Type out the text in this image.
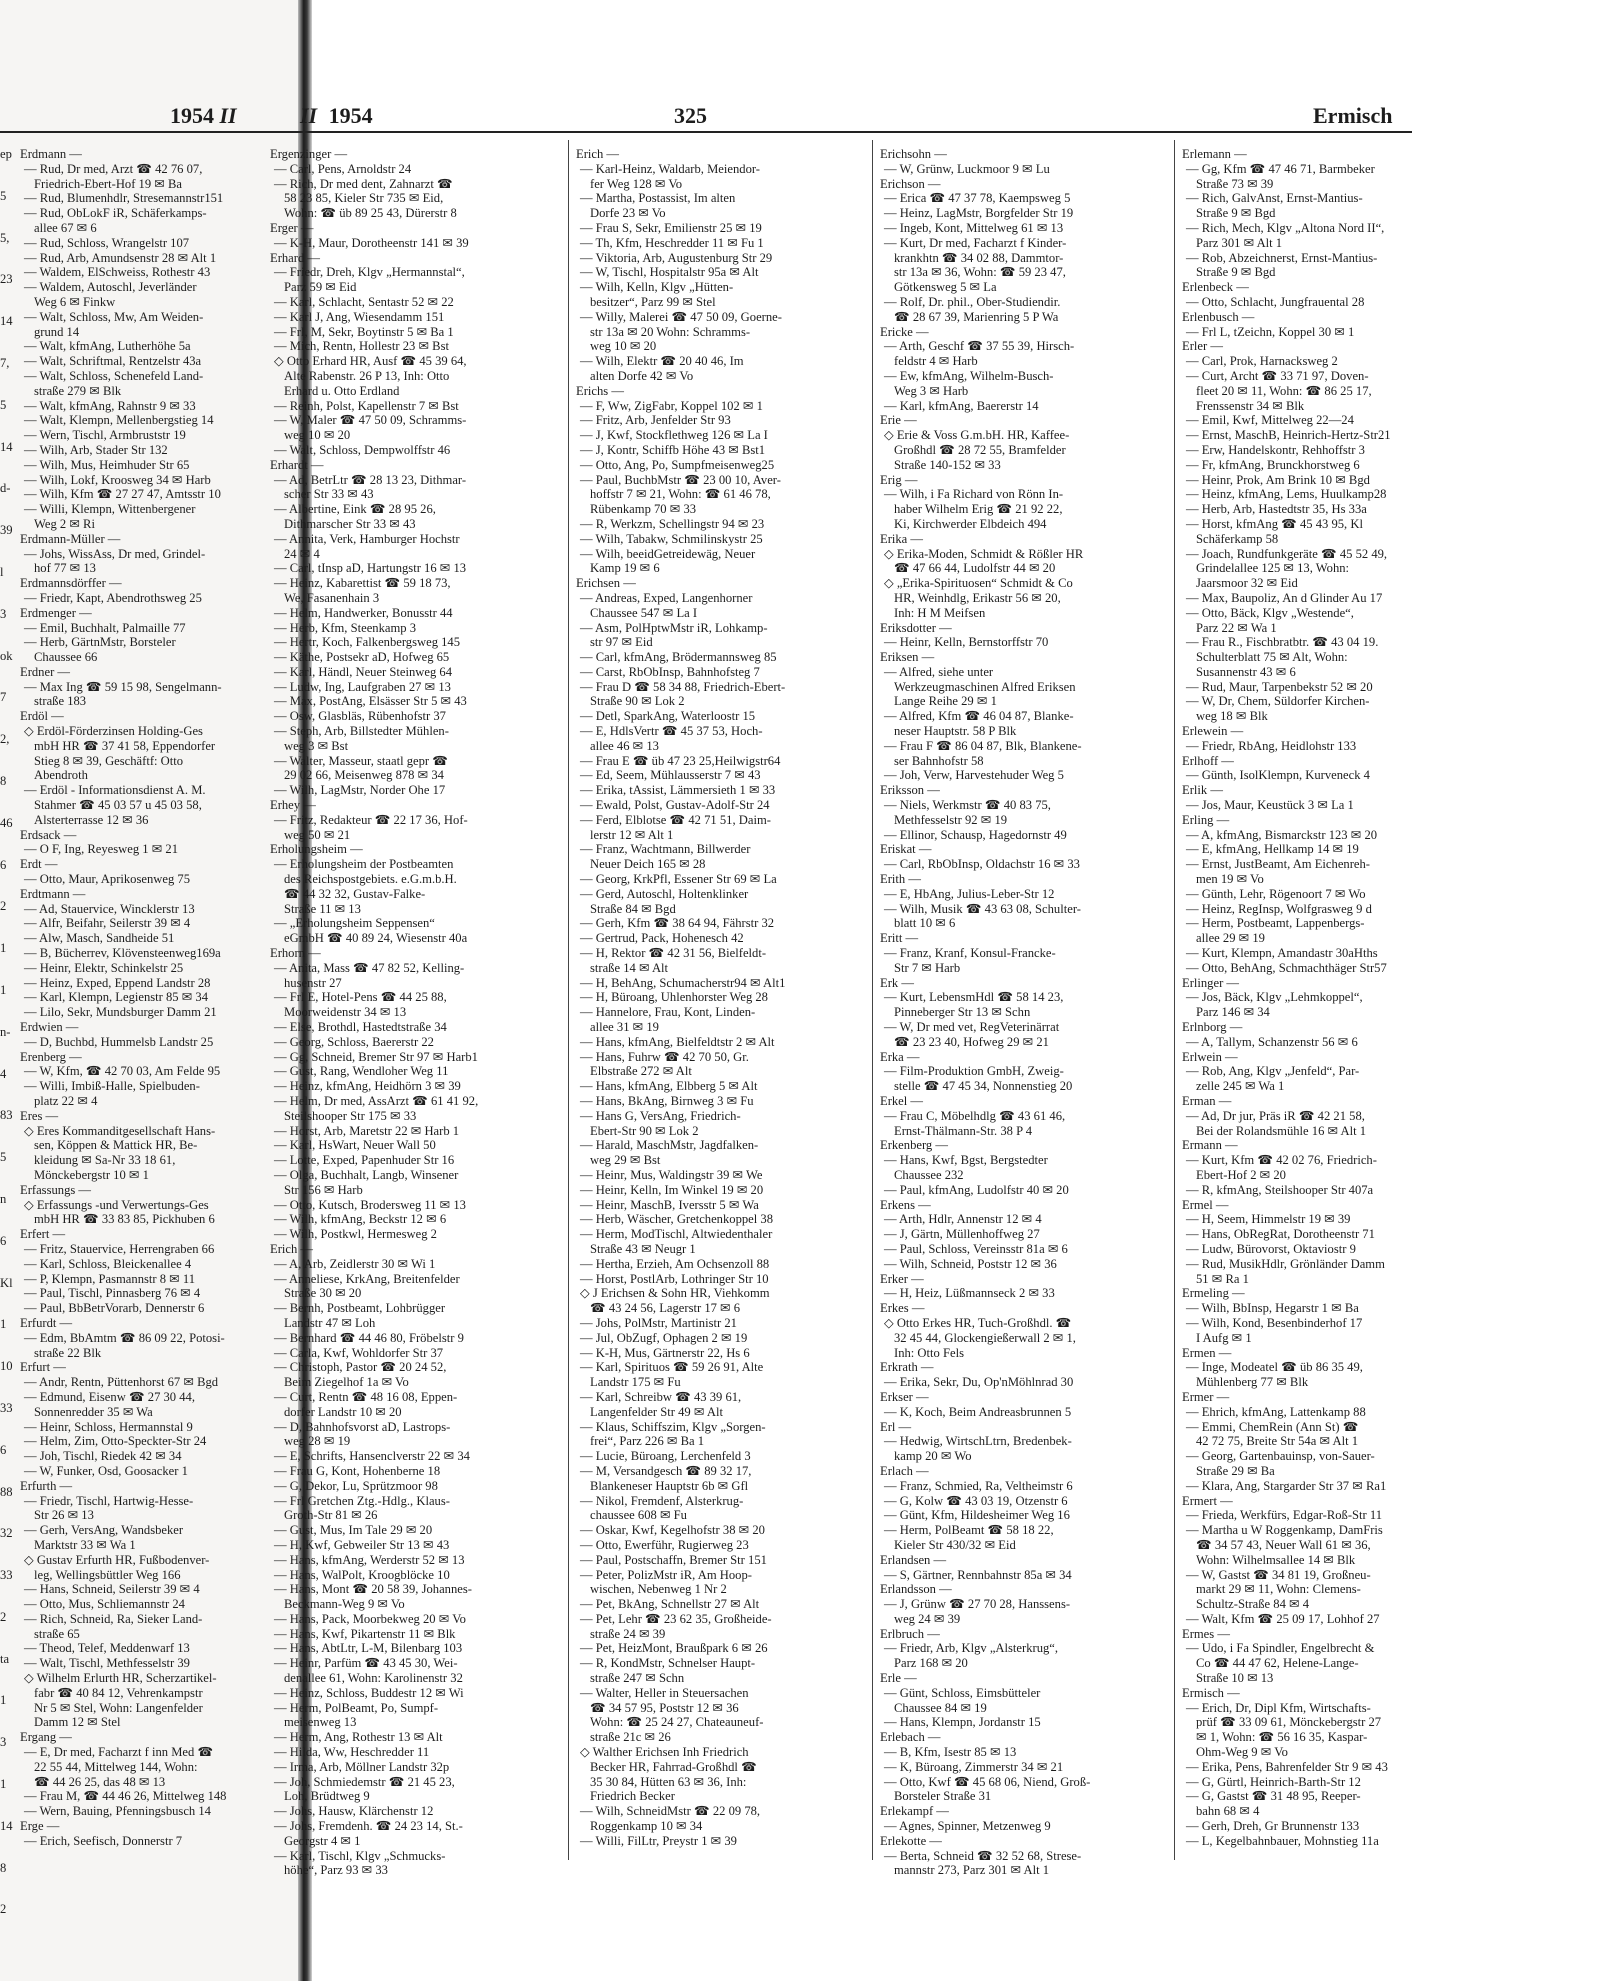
1954 II
ep
5
5,
23
14
7,
5
14
d-
39
l
3
ok
7
2,
8
46
6
2
1
1
n-
4
83
5
n
6
Kl
1
10
33
6
88
32
33
2
ta
1
3
1
14
8
2
Erdmann —
— Rud, Dr med, Arzt ☎ 42 76 07,
Friedrich-Ebert-Hof 19 ✉ Ba
— Rud, Blumenhdlr, Stresemannstr151
— Rud, ObLokF iR, Schäferkamps-
allee 67 ✉ 6
— Rud, Schloss, Wrangelstr 107
— Rud, Arb, Amundsenstr 28 ✉ Alt 1
— Waldem, ElSchweiss, Rothestr 43
— Waldem, Autoschl, Jeverländer
Weg 6 ✉ Finkw
— Walt, Schloss, Mw, Am Weiden-
grund 14
— Walt, kfmAng, Lutherhöhe 5a
— Walt, Schriftmal, Rentzelstr 43a
— Walt, Schloss, Schenefeld Land-
straße 279 ✉ Blk
— Walt, kfmAng, Rahnstr 9 ✉ 33
— Walt, Klempn, Mellenbergstieg 14
— Wern, Tischl, Armbruststr 19
— Wilh, Arb, Stader Str 132
— Wilh, Mus, Heimhuder Str 65
— Wilh, Lokf, Kroosweg 34 ✉ Harb
— Wilh, Kfm ☎ 27 27 47, Amtsstr 10
— Willi, Klempn, Wittenbergener
Weg 2 ✉ Ri
Erdmann-Müller —
— Johs, WissAss, Dr med, Grindel-
hof 77 ✉ 13
Erdmannsdörffer —
— Friedr, Kapt, Abendrothsweg 25
Erdmenger —
— Emil, Buchhalt, Palmaille 77
— Herb, GärtnMstr, Borsteler
Chaussee 66
Erdner —
— Max Ing ☎ 59 15 98, Sengelmann-
straße 183
Erdöl —
◇ Erdöl-Förderzinsen Holding-Ges
mbH HR ☎ 37 41 58, Eppendorfer
Stieg 8 ✉ 39, Geschäftf: Otto
Abendroth
— Erdöl - Informationsdienst A. M.
Stahmer ☎ 45 03 57 u 45 03 58,
Alsterterrasse 12 ✉ 36
Erdsack —
— O F, Ing, Reyesweg 1 ✉ 21
Erdt —
— Otto, Maur, Aprikosenweg 75
Erdtmann —
— Ad, Stauervice, Wincklerstr 13
— Alfr, Beifahr, Seilerstr 39 ✉ 4
— Alw, Masch, Sandheide 51
— B, Bücherrev, Klövensteenweg169a
— Heinr, Elektr, Schinkelstr 25
— Heinz, Exped, Eppend Landstr 28
— Karl, Klempn, Legienstr 85 ✉ 34
— Lilo, Sekr, Mundsburger Damm 21
Erdwien —
— D, Buchbd, Hummelsb Landstr 25
Erenberg —
— W, Kfm, ☎ 42 70 03, Am Felde 95
— Willi, Imbiß-Halle, Spielbuden-
platz 22 ✉ 4
Eres —
◇ Eres Kommanditgesellschaft Hans-
sen, Köppen & Mattick HR, Be-
kleidung ✉ Sa-Nr 33 18 61,
Mönckebergstr 10 ✉ 1
Erfassungs —
◇ Erfassungs -und Verwertungs-Ges
mbH HR ☎ 33 83 85, Pickhuben 6
Erfert —
— Fritz, Stauervice, Herrengraben 66
— Karl, Schloss, Bleickenallee 4
— P, Klempn, Pasmannstr 8 ✉ 11
— Paul, Tischl, Pinnasberg 76 ✉ 4
— Paul, BbBetrVorarb, Dennerstr 6
Erfurdt —
— Edm, BbAmtm ☎ 86 09 22, Potosi-
straße 22 Blk
Erfurt —
— Andr, Rentn, Püttenhorst 67 ✉ Bgd
— Edmund, Eisenw ☎ 27 30 44,
Sonnenredder 35 ✉ Wa
— Heinr, Schloss, Hermannstal 9
— Helm, Zim, Otto-Speckter-Str 24
— Joh, Tischl, Riedek 42 ✉ 34
— W, Funker, Osd, Goosacker 1
Erfurth —
— Friedr, Tischl, Hartwig-Hesse-
Str 26 ✉ 13
— Gerh, VersAng, Wandsbeker
Marktstr 33 ✉ Wa 1
◇ Gustav Erfurth HR, Fußbodenver-
leg, Wellingsbüttler Weg 166
— Hans, Schneid, Seilerstr 39 ✉ 4
— Otto, Mus, Schliemannstr 24
— Rich, Schneid, Ra, Sieker Land-
straße 65
— Theod, Telef, Meddenwarf 13
— Walt, Tischl, Methfesselstr 39
◇ Wilhelm Erlurth HR, Scherzartikel-
fabr ☎ 40 84 12, Vehrenkampstr
Nr 5 ✉ Stel, Wohn: Langenfelder
Damm 12 ✉ Stel
Ergang —
— E, Dr med, Facharzt f inn Med ☎
22 55 44, Mittelweg 144, Wohn:
☎ 44 26 25, das 48 ✉ 13
— Frau M, ☎ 44 46 26, Mittelweg 148
— Wern, Bauing, Pfenningsbusch 14
Erge —
— Erich, Seefisch, Donnerstr 7
II 1954	325	Ermisch
Ergenzinger —
— Carl, Pens, Arnoldstr 24
— Rich, Dr med dent, Zahnarzt ☎
58 23 85, Kieler Str 735 ✉ Eid,
Wohn: ☎ üb 89 25 43, Dürerstr 8
Erger —
— K-H, Maur, Dorotheenstr 141 ✉ 39
Erhard —
— Friedr, Dreh, Klgv „Hermannstal“,
Parz 59 ✉ Eid
— Karl, Schlacht, Sentastr 52 ✉ 22
— Karl J, Ang, Wiesendamm 151
— Frl, M, Sekr, Boytinstr 5 ✉ Ba 1
— Mich, Rentn, Hollestr 23 ✉ Bst
◇ Otto Erhard HR, Ausf ☎ 45 39 64,
Alte Rabenstr. 26 P 13, Inh: Otto
Erhard u. Otto Erdland
— Reinh, Polst, Kapellenstr 7 ✉ Bst
— W, Maler ☎ 47 50 09, Schramms-
weg 10 ✉ 20
— Walt, Schloss, Dempwolffstr 46
Erhardt —
— Ad, BetrLtr ☎ 28 13 23, Dithmar-
scher Str 33 ✉ 43
— Albertine, Eink ☎ 28 95 26,
Dithmarscher Str 33 ✉ 43
— Annita, Verk, Hamburger Hochstr
24 ✉ 4
— Carl, tInsp aD, Hartungstr 16 ✉ 13
— Heinz, Kabarettist ☎ 59 18 73,
We, Fasanenhain 3
— Helm, Handwerker, Bonusstr 44
— Herb, Kfm, Steenkamp 3
— Hertr, Koch, Falkenbergsweg 145
— Käthe, Postsekr aD, Hofweg 65
— Karl, Händl, Neuer Steinweg 64
— Ludw, Ing, Laufgraben 27 ✉ 13
— Max, PostAng, Elsässer Str 5 ✉ 43
— Osw, Glasbläs, Rübenhofstr 37
— Steph, Arb, Billstedter Mühlen-
weg 3 ✉ Bst
— Walter, Masseur, staatl gepr ☎
29 02 66, Meisenweg 878 ✉ 34
— Wilh, LagMstr, Norder Ohe 17
Erhey —
— Fritz, Redakteur ☎ 22 17 36, Hof-
weg 50 ✉ 21
Erholungsheim —
— Erholungsheim der Postbeamten
des Reichspostgebiets. e.G.m.b.H.
☎ 44 32 32, Gustav-Falke-
Straße 11 ✉ 13
— „Erholungsheim Seppensen“
eGmbH ☎ 40 89 24, Wiesenstr 40a
Erhorn —
— Anita, Mass ☎ 47 82 52, Kelling-
husenstr 27
— Frl E, Hotel-Pens ☎ 44 25 88,
Moorweidenstr 34 ✉ 13
— Else, Brothdl, Hastedtstraße 34
— Georg, Schloss, Baererstr 22
— Gg, Schneid, Bremer Str 97 ✉ Harb1
— Gust, Rang, Wendloher Weg 11
— Heinz, kfmAng, Heidhörn 3 ✉ 39
— Helm, Dr med, AssArzt ☎ 61 41 92,
Steilshooper Str 175 ✉ 33
— Horst, Arb, Maretstr 22 ✉ Harb 1
— Karl, HsWart, Neuer Wall 50
— Lotte, Exped, Papenhuder Str 16
— Olga, Buchhalt, Langb, Winsener
Str 156 ✉ Harb
— Otto, Kutsch, Brodersweg 11 ✉ 13
— Wilh, kfmAng, Beckstr 12 ✉ 6
— Wilh, Postkwl, Hermesweg 2
Erich —
— A, Arb, Zeidlerstr 30 ✉ Wi 1
— Anneliese, KrkAng, Breitenfelder
Straße 30 ✉ 20
— Bernh, Postbeamt, Lohbrügger
Landstr 47 ✉ Loh
— Bernhard ☎ 44 46 80, Fröbelstr 9
— Carla, Kwf, Wohldorfer Str 37
— Christoph, Pastor ☎ 20 24 52,
Beim Ziegelhof 1a ✉ Vo
— Curt, Rentn ☎ 48 16 08, Eppen-
dorfer Landstr 10 ✉ 20
— D, Bahnhofsvorst aD, Lastrops-
weg 28 ✉ 19
— E, Schrifts, Hansenclverstr 22 ✉ 34
— Frau G, Kont, Hohenberne 18
— G, Dekor, Lu, Sprützmoor 98
— Frl Gretchen Ztg.-Hdlg., Klaus-
Groth-Str 81 ✉ 26
— Gust, Mus, Im Tale 29 ✉ 20
— H, Kwf, Gebweiler Str 13 ✉ 43
— Hans, kfmAng, Werderstr 52 ✉ 13
— Hans, WalPolt, Kroogblöcke 10
— Hans, Mont ☎ 20 58 39, Johannes-
Beckmann-Weg 9 ✉ Vo
— Hans, Pack, Moorbekweg 20 ✉ Vo
— Hans, Kwf, Pikartenstr 11 ✉ Blk
— Hans, AbtLtr, L-M, Bilenbarg 103
— Heinr, Parfüm ☎ 43 45 30, Wei-
denallee 61, Wohn: Karolinenstr 32
— Heinz, Schloss, Buddestr 12 ✉ Wi
— Herm, PolBeamt, Po, Sumpf-
meisenweg 13
— Herm, Ang, Rothestr 13 ✉ Alt
— Hilda, Ww, Heschredder 11
— Irma, Arb, Möllner Landstr 32p
— Joh, Schmiedemstr ☎ 21 45 23,
Loh, Brüdtweg 9
— Johs, Hausw, Klärchenstr 12
— Johs, Fremdenh. ☎ 24 23 14, St.-
Georgstr 4 ✉ 1
— Karl, Tischl, Klgv „Schmucks-
höhe“, Parz 93 ✉ 33
Erich —
— Karl-Heinz, Waldarb, Meiendor-
fer Weg 128 ✉ Vo
— Martha, Postassist, Im alten
Dorfe 23 ✉ Vo
— Frau S, Sekr, Emilienstr 25 ✉ 19
— Th, Kfm, Heschredder 11 ✉ Fu 1
— Viktoria, Arb, Augustenburg Str 29
— W, Tischl, Hospitalstr 95a ✉ Alt
— Wilh, Kelln, Klgv „Hütten-
besitzer“, Parz 99 ✉ Stel
— Willy, Malerei ☎ 47 50 09, Goerne-
str 13a ✉ 20 Wohn: Schramms-
weg 10 ✉ 20
— Wilh, Elektr ☎ 20 40 46, Im
alten Dorfe 42 ✉ Vo
Erichs —
— F, Ww, ZigFabr, Koppel 102 ✉ 1
— Fritz, Arb, Jenfelder Str 93
— J, Kwf, Stockflethweg 126 ✉ La I
— J, Kontr, Schiffb Höhe 43 ✉ Bst1
— Otto, Ang, Po, Sumpfmeisenweg25
— Paul, BuchbMstr ☎ 23 00 10, Aver-
hoffstr 7 ✉ 21, Wohn: ☎ 61 46 78,
Rübenkamp 70 ✉ 33
— R, Werkzm, Schellingstr 94 ✉ 23
— Wilh, Tabakw, Schmilinskystr 25
— Wilh, beeidGetreidewäg, Neuer
Kamp 19 ✉ 6
Erichsen —
— Andreas, Exped, Langenhorner
Chaussee 547 ✉ La I
— Asm, PolHptwMstr iR, Lohkamp-
str 97 ✉ Eid
— Carl, kfmAng, Brödermannsweg 85
— Carst, RbObInsp, Bahnhofsteg 7
— Frau D ☎ 58 34 88, Friedrich-Ebert-
Straße 90 ✉ Lok 2
— Detl, SparkAng, Waterloostr 15
— E, HdlsVertr ☎ 45 37 53, Hoch-
allee 46 ✉ 13
— Frau E ☎ üb 47 23 25,Heilwigstr64
— Ed, Seem, Mühlausserstr 7 ✉ 43
— Erika, tAssist, Lämmersieth 1 ✉ 33
— Ewald, Polst, Gustav-Adolf-Str 24
— Ferd, Elblotse ☎ 42 71 51, Daim-
lerstr 12 ✉ Alt 1
— Franz, Wachtmann, Billwerder
Neuer Deich 165 ✉ 28
— Georg, KrkPfl, Essener Str 69 ✉ La
— Gerd, Autoschl, Holtenklinker
Straße 84 ✉ Bgd
— Gerh, Kfm ☎ 38 64 94, Fährstr 32
— Gertrud, Pack, Hohenesch 42
— H, Rektor ☎ 42 31 56, Bielfeldt-
straße 14 ✉ Alt
— H, BehAng, Schumacherstr94 ✉ Alt1
— H, Büroang, Uhlenhorster Weg 28
— Hannelore, Frau, Kont, Linden-
allee 31 ✉ 19
— Hans, kfmAng, Bielfeldtstr 2 ✉ Alt
— Hans, Fuhrw ☎ 42 70 50, Gr.
Elbstraße 272 ✉ Alt
— Hans, kfmAng, Elbberg 5 ✉ Alt
— Hans, BkAng, Birnweg 3 ✉ Fu
— Hans G, VersAng, Friedrich-
Ebert-Str 90 ✉ Lok 2
— Harald, MaschMstr, Jagdfalken-
weg 29 ✉ Bst
— Heinr, Mus, Waldingstr 39 ✉ We
— Heinr, Kelln, Im Winkel 19 ✉ 20
— Heinr, MaschB, Iversstr 5 ✉ Wa
— Herb, Wäscher, Gretchenkoppel 38
— Herm, ModTischl, Altwiedenthaler
Straße 43 ✉ Neugr 1
— Hertha, Erzieh, Am Ochsenzoll 88
— Horst, PostlArb, Lothringer Str 10
◇ J Erichsen & Sohn HR, Viehkomm
☎ 43 24 56, Lagerstr 17 ✉ 6
— Johs, PolMstr, Martinistr 21
— Jul, ObZugf, Ophagen 2 ✉ 19
— K-H, Mus, Gärtnerstr 22, Hs 6
— Karl, Spirituos ☎ 59 26 91, Alte
Landstr 175 ✉ Fu
— Karl, Schreibw ☎ 43 39 61,
Langenfelder Str 49 ✉ Alt
— Klaus, Schiffszim, Klgv „Sorgen-
frei“, Parz 226 ✉ Ba 1
— Lucie, Büroang, Lerchenfeld 3
— M, Versandgesch ☎ 89 32 17,
Blankeneser Hauptstr 6b ✉ Gfl
— Nikol, Fremdenf, Alsterkrug-
chaussee 608 ✉ Fu
— Oskar, Kwf, Kegelhofstr 38 ✉ 20
— Otto, Ewerführ, Rugierweg 23
— Paul, Postschaffn, Bremer Str 151
— Peter, PolizMstr iR, Am Hoop-
wischen, Nebenweg 1 Nr 2
— Pet, BkAng, Schnellstr 27 ✉ Alt
— Pet, Lehr ☎ 23 62 35, Großheide-
straße 24 ✉ 39
— Pet, HeizMont, Braußpark 6 ✉ 26
— R, KondMstr, Schnelser Haupt-
straße 247 ✉ Schn
— Walter, Heller in Steuersachen
☎ 34 57 95, Poststr 12 ✉ 36
Wohn: ☎ 25 24 27, Chateauneuf-
straße 21c ✉ 26
◇ Walther Erichsen Inh Friedrich
Becker HR, Fahrrad-Großhdl ☎
35 30 84, Hütten 63 ✉ 36, Inh:
Friedrich Becker
— Wilh, SchneidMstr ☎ 22 09 78,
Roggenkamp 10 ✉ 34
— Willi, FilLtr, Preystr 1 ✉ 39
Erichsohn —
— W, Grünw, Luckmoor 9 ✉ Lu
Erichson —
— Erica ☎ 47 37 78, Kaempsweg 5
— Heinz, LagMstr, Borgfelder Str 19
— Ingeb, Kont, Mittelweg 61 ✉ 13
— Kurt, Dr med, Facharzt f Kinder-
krankhtn ☎ 34 02 88, Dammtor-
str 13a ✉ 36, Wohn: ☎ 59 23 47,
Götkensweg 5 ✉ La
— Rolf, Dr. phil., Ober-Studiendir.
☎ 28 67 39, Marienring 5 P Wa
Ericke —
— Arth, Geschf ☎ 37 55 39, Hirsch-
feldstr 4 ✉ Harb
— Ew, kfmAng, Wilhelm-Busch-
Weg 3 ✉ Harb
— Karl, kfmAng, Baererstr 14
Erie —
◇ Erie & Voss G.m.bH. HR, Kaffee-
Großhdl ☎ 28 72 55, Bramfelder
Straße 140-152 ✉ 33
Erig —
— Wilh, i Fa Richard von Rönn In-
haber Wilhelm Erig ☎ 21 92 22,
Ki, Kirchwerder Elbdeich 494
Erika —
◇ Erika-Moden, Schmidt & Rößler HR
☎ 47 66 44, Ludolfstr 44 ✉ 20
◇ „Erika-Spirituosen“ Schmidt & Co
HR, Weinhdlg, Erikastr 56 ✉ 20,
Inh: H M Meifsen
Eriksdotter —
— Heinr, Kelln, Bernstorffstr 70
Eriksen —
— Alfred, siehe unter
Werkzeugmaschinen Alfred Eriksen
Lange Reihe 29 ✉ 1
— Alfred, Kfm ☎ 46 04 87, Blanke-
neser Hauptstr. 58 P Blk
— Frau F ☎ 86 04 87, Blk, Blankene-
ser Bahnhofstr 58
— Joh, Verw, Harvestehuder Weg 5
Eriksson —
— Niels, Werkmstr ☎ 40 83 75,
Methfesselstr 92 ✉ 19
— Ellinor, Schausp, Hagedornstr 49
Eriskat —
— Carl, RbObInsp, Oldachstr 16 ✉ 33
Erith —
— E, HbAng, Julius-Leber-Str 12
— Wilh, Musik ☎ 43 63 08, Schulter-
blatt 10 ✉ 6
Eritt —
— Franz, Kranf, Konsul-Francke-
Str 7 ✉ Harb
Erk —
— Kurt, LebensmHdl ☎ 58 14 23,
Pinneberger Str 13 ✉ Schn
— W, Dr med vet, RegVeterinärrat
☎ 23 23 40, Hofweg 29 ✉ 21
Erka —
— Film-Produktion GmbH, Zweig-
stelle ☎ 47 45 34, Nonnenstieg 20
Erkel —
— Frau C, Möbelhdlg ☎ 43 61 46,
Ernst-Thälmann-Str. 38 P 4
Erkenberg —
— Hans, Kwf, Bgst, Bergstedter
Chaussee 232
— Paul, kfmAng, Ludolfstr 40 ✉ 20
Erkens —
— Arth, Hdlr, Annenstr 12 ✉ 4
— J, Gärtn, Müllenhoffweg 27
— Paul, Schloss, Vereinsstr 81a ✉ 6
— Wilh, Schneid, Poststr 12 ✉ 36
Erker —
— H, Heiz, Lüßmannseck 2 ✉ 33
Erkes —
◇ Otto Erkes HR, Tuch-Großhdl. ☎
32 45 44, Glockengießerwall 2 ✉ 1,
Inh: Otto Fels
Erkrath —
— Erika, Sekr, Du, Op'nMöhlnrad 30
Erkser —
— K, Koch, Beim Andreasbrunnen 5
Erl —
— Hedwig, WirtschLtrn, Bredenbek-
kamp 20 ✉ Wo
Erlach —
— Franz, Schmied, Ra, Veltheimstr 6
— G, Kolw ☎ 43 03 19, Otzenstr 6
— Günt, Kfm, Hildesheimer Weg 16
— Herm, PolBeamt ☎ 58 18 22,
Kieler Str 430/32 ✉ Eid
Erlandsen —
— S, Gärtner, Rennbahnstr 85a ✉ 34
Erlandsson —
— J, Grünw ☎ 27 70 28, Hanssens-
weg 24 ✉ 39
Erlbruch —
— Friedr, Arb, Klgv „Alsterkrug“,
Parz 168 ✉ 20
Erle —
— Günt, Schloss, Eimsbütteler
Chaussee 84 ✉ 19
— Hans, Klempn, Jordanstr 15
Erlebach —
— B, Kfm, Isestr 85 ✉ 13
— K, Büroang, Zimmerstr 34 ✉ 21
— Otto, Kwf ☎ 45 68 06, Niend, Groß-
Borsteler Straße 31
Erlekampf —
— Agnes, Spinner, Metzenweg 9
Erlekotte —
— Berta, Schneid ☎ 32 52 68, Strese-
mannstr 273, Parz 301 ✉ Alt 1
Erlemann —
— Gg, Kfm ☎ 47 46 71, Barmbeker
Straße 73 ✉ 39
— Rich, GalvAnst, Ernst-Mantius-
Straße 9 ✉ Bgd
— Rich, Mech, Klgv „Altona Nord II“,
Parz 301 ✉ Alt 1
— Rob, Abzeichnerst, Ernst-Mantius-
Straße 9 ✉ Bgd
Erlenbeck —
— Otto, Schlacht, Jungfrauental 28
Erlenbusch —
— Frl L, tZeichn, Koppel 30 ✉ 1
Erler —
— Carl, Prok, Harnacksweg 2
— Curt, Archt ☎ 33 71 97, Doven-
fleet 20 ✉ 11, Wohn: ☎ 86 25 17,
Frenssenstr 34 ✉ Blk
— Emil, Kwf, Mittelweg 22—24
— Ernst, MaschB, Heinrich-Hertz-Str21
— Erw, Handelskontr, Rehhoffstr 3
— Fr, kfmAng, Brunckhorstweg 6
— Heinr, Prok, Am Brink 10 ✉ Bgd
— Heinz, kfmAng, Lems, Huulkamp28
— Herb, Arb, Hastedtstr 35, Hs 33a
— Horst, kfmAng ☎ 45 43 95, Kl
Schäferkamp 58
— Joach, Rundfunkgeräte ☎ 45 52 49,
Grindelallee 125 ✉ 13, Wohn:
Jaarsmoor 32 ✉ Eid
— Max, Baupoliz, An d Glinder Au 17
— Otto, Bäck, Klgv „Westende“,
Parz 22 ✉ Wa 1
— Frau R., Fischbratbtr. ☎ 43 04 19.
Schulterblatt 75 ✉ Alt, Wohn:
Susannenstr 43 ✉ 6
— Rud, Maur, Tarpenbekstr 52 ✉ 20
— W, Dr, Chem, Süldorfer Kirchen-
weg 18 ✉ Blk
Erlewein —
— Friedr, RbAng, Heidlohstr 133
Erlhoff —
— Günth, IsolKlempn, Kurveneck 4
Erlik —
— Jos, Maur, Keustück 3 ✉ La 1
Erling —
— A, kfmAng, Bismarckstr 123 ✉ 20
— E, kfmAng, Hellkamp 14 ✉ 19
— Ernst, JustBeamt, Am Eichenreh-
men 19 ✉ Vo
— Günth, Lehr, Rögenoort 7 ✉ Wo
— Heinz, RegInsp, Wolfgrasweg 9 d
— Herm, Postbeamt, Lappenbergs-
allee 29 ✉ 19
— Kurt, Klempn, Amandastr 30aHths
— Otto, BehAng, Schmachthäger Str57
Erlinger —
— Jos, Bäck, Klgv „Lehmkoppel“,
Parz 146 ✉ 34
Erlnborg —
— A, Tallym, Schanzenstr 56 ✉ 6
Erlwein —
— Rob, Ang, Klgv „Jenfeld“, Par-
zelle 245 ✉ Wa 1
Erman —
— Ad, Dr jur, Präs iR ☎ 42 21 58,
Bei der Rolandsmühle 16 ✉ Alt 1
Ermann —
— Kurt, Kfm ☎ 42 02 76, Friedrich-
Ebert-Hof 2 ✉ 20
— R, kfmAng, Steilshooper Str 407a
Ermel —
— H, Seem, Himmelstr 19 ✉ 39
— Hans, ObRegRat, Dorotheenstr 71
— Ludw, Bürovorst, Oktaviostr 9
— Rud, MusikHdlr, Grönländer Damm
51 ✉ Ra 1
Ermeling —
— Wilh, BbInsp, Hegarstr 1 ✉ Ba
— Wilh, Kond, Besenbinderhof 17
I Aufg ✉ 1
Ermen —
— Inge, Modeatel ☎ üb 86 35 49,
Mühlenberg 77 ✉ Blk
Ermer —
— Ehrich, kfmAng, Lattenkamp 88
— Emmi, ChemRein (Ann St) ☎
42 72 75, Breite Str 54a ✉ Alt 1
— Georg, Gartenbauinsp, von-Sauer-
Straße 29 ✉ Ba
— Klara, Ang, Stargarder Str 37 ✉ Ra1
Ermert —
— Frieda, Werkfürs, Edgar-Roß-Str 11
— Martha u W Roggenkamp, DamFris
☎ 34 57 43, Neuer Wall 61 ✉ 36,
Wohn: Wilhelmsallee 14 ✉ Blk
— W, Gastst ☎ 34 81 19, Großneu-
markt 29 ✉ 11, Wohn: Clemens-
Schultz-Straße 84 ✉ 4
— Walt, Kfm ☎ 25 09 17, Lohhof 27
Ermes —
— Udo, i Fa Spindler, Engelbrecht &
Co ☎ 44 47 62, Helene-Lange-
Straße 10 ✉ 13
Ermisch —
— Erich, Dr, Dipl Kfm, Wirtschafts-
prüf ☎ 33 09 61, Mönckebergstr 27
✉ 1, Wohn: ☎ 56 16 35, Kaspar-
Ohm-Weg 9 ✉ Vo
— Erika, Pens, Bahrenfelder Str 9 ✉ 43
— G, Gürtl, Heinrich-Barth-Str 12
— G, Gastst ☎ 31 48 95, Reeper-
bahn 68 ✉ 4
— Gerh, Dreh, Gr Brunnenstr 133
— L, Kegelbahnbauer, Mohnstieg 11a
